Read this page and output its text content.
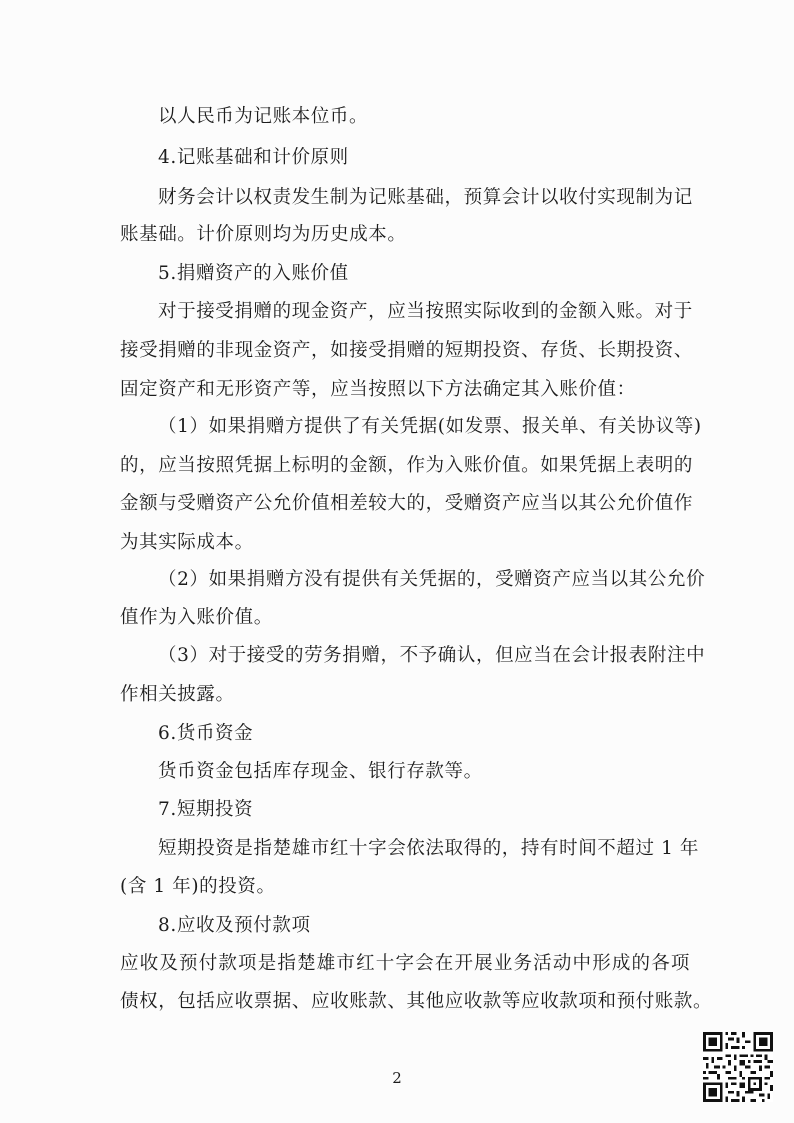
以人民币为记账本位币。
4.记账基础和计价原则
财务会计以权责发生制为记账基础，预算会计以收付实现制为记
账基础。计价原则均为历史成本。
5.捐赠资产的入账价值
对于接受捐赠的现金资产，应当按照实际收到的金额入账。对于
接受捐赠的非现金资产，如接受捐赠的短期投资、存货、长期投资、
固定资产和无形资产等，应当按照以下方法确定其入账价值：
（1）如果捐赠方提供了有关凭据(如发票、报关单、有关协议等)
的，应当按照凭据上标明的金额，作为入账价值。如果凭据上表明的
金额与受赠资产公允价值相差较大的，受赠资产应当以其公允价值作
为其实际成本。
（2）如果捐赠方没有提供有关凭据的，受赠资产应当以其公允价
值作为入账价值。
（3）对于接受的劳务捐赠，不予确认，但应当在会计报表附注中
作相关披露。
6.货币资金
货币资金包括库存现金、银行存款等。
7.短期投资
短期投资是指楚雄市红十字会依法取得的，持有时间不超过 1 年
(含 1 年)的投资。
8.应收及预付款项
应收及预付款项是指楚雄市红十字会在开展业务活动中形成的各项
债权，包括应收票据、应收账款、其他应收款等应收款项和预付账款。
2
